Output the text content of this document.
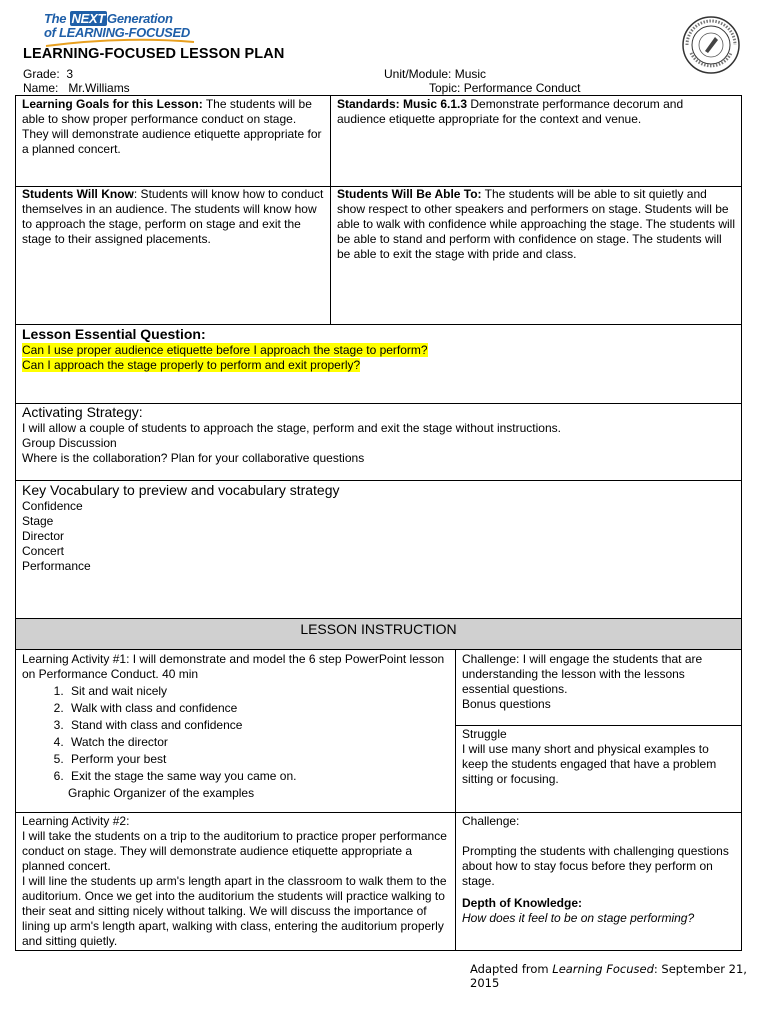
The NEXT Generation
of LEARNING-FOCUSED
LEARNING-FOCUSED LESSON PLAN
Grade: 3
Name: Mr.Williams
Unit/Module: Music
Topic: Performance Conduct
Learning Goals for this Lesson: The students will be able to show proper performance conduct on stage. They will demonstrate audience etiquette appropriate for a planned concert.
Standards: Music 6.1.3 Demonstrate performance decorum and audience etiquette appropriate for the context and venue.
Students Will Know: Students will know how to conduct themselves in an audience. The students will know how to approach the stage, perform on stage and exit the stage to their assigned placements.
Students Will Be Able To: The students will be able to sit quietly and show respect to other speakers and performers on stage. Students will be able to walk with confidence while approaching the stage. The students will be able to stand and perform with confidence on stage. The students will be able to exit the stage with pride and class.
Lesson Essential Question:
Can I use proper audience etiquette before I approach the stage to perform?
Can I approach the stage properly to perform and exit properly?
Activating Strategy:
I will allow a couple of students to approach the stage, perform and exit the stage without instructions.
Group Discussion
Where is the collaboration? Plan for your collaborative questions
Key Vocabulary to preview and vocabulary strategy
Confidence
Stage
Director
Concert
Performance
LESSON INSTRUCTION
Learning Activity #1: I will demonstrate and model the 6 step PowerPoint lesson on Performance Conduct. 40 min
1. Sit and wait nicely
2. Walk with class and confidence
3. Stand with class and confidence
4. Watch the director
5. Perform your best
6. Exit the stage the same way you came on.
Graphic Organizer of the examples
Challenge: I will engage the students that are understanding the lesson with the lessons essential questions.
Bonus questions
Struggle
I will use many short and physical examples to keep the students engaged that have a problem sitting or focusing.
Learning Activity #2:
I will take the students on a trip to the auditorium to practice proper performance conduct on stage. They will demonstrate audience etiquette appropriate a planned concert.
I will line the students up arm's length apart in the classroom to walk them to the auditorium. Once we get into the auditorium the students will practice walking to their seat and sitting nicely without talking. We will discuss the importance of lining up arm's length apart, walking with class, entering the auditorium properly and sitting quietly.
Challenge:
Prompting the students with challenging questions about how to stay focus before they perform on stage.
Depth of Knowledge:
How does it feel to be on stage performing?
Adapted from Learning Focused: September 21, 2015
